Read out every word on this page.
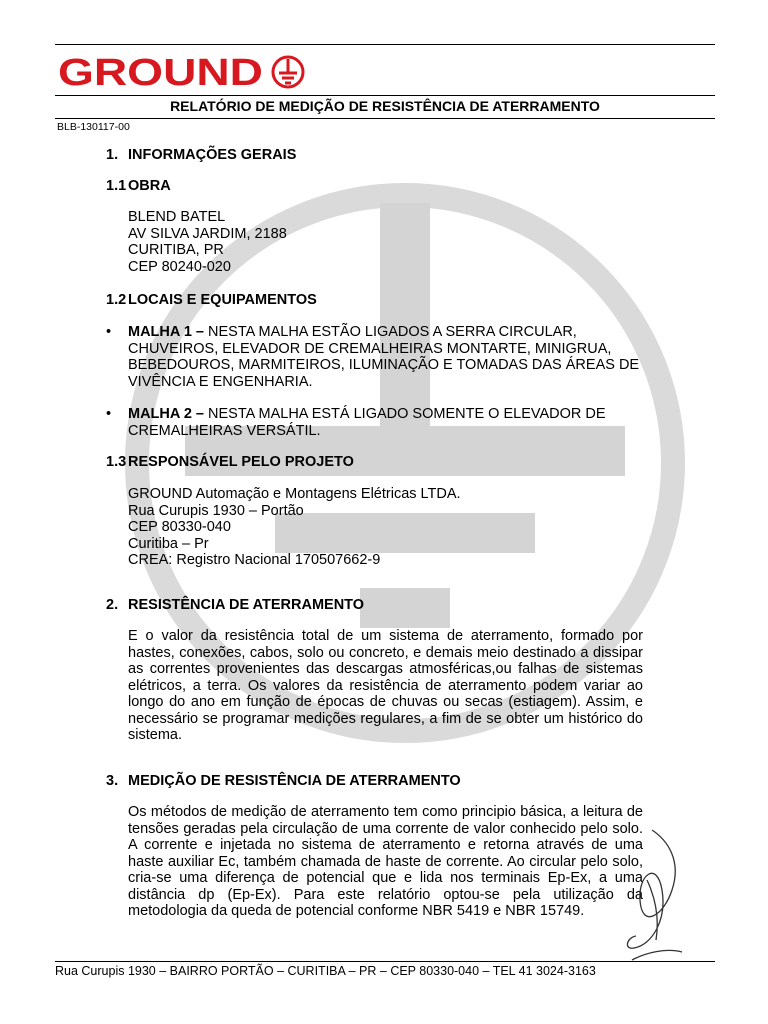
GROUND
RELATÓRIO DE MEDIÇÃO DE RESISTÊNCIA DE ATERRAMENTO
BLB-130117-00
1. INFORMAÇÕES GERAIS
1.1 OBRA
BLEND BATEL
AV SILVA JARDIM, 2188
CURITIBA, PR
CEP 80240-020
1.2 LOCAIS E EQUIPAMENTOS
• MALHA 1 – NESTA MALHA ESTÃO LIGADOS A SERRA CIRCULAR, CHUVEIROS, ELEVADOR DE CREMALHEIRAS MONTARTE, MINIGRUA, BEBEDOUROS, MARMITEIROS, ILUMINAÇÃO E TOMADAS DAS ÁREAS DE VIVÊNCIA E ENGENHARIA.
• MALHA 2 – NESTA MALHA ESTÁ LIGADO SOMENTE O ELEVADOR DE CREMALHEIRAS VERSÁTIL.
1.3 RESPONSÁVEL PELO PROJETO
GROUND Automação e Montagens Elétricas LTDA.
Rua Curupis 1930 – Portão
CEP 80330-040
Curitiba – Pr
CREA: Registro Nacional 170507662-9
2. RESISTÊNCIA DE ATERRAMENTO
E o valor da resistência total de um sistema de aterramento, formado por hastes, conexões, cabos, solo ou concreto, e demais meio destinado a dissipar as correntes provenientes das descargas atmosféricas,ou falhas de sistemas elétricos, a terra. Os valores da resistência de aterramento podem variar ao longo do ano em função de épocas de chuvas ou secas (estiagem). Assim, e necessário se programar medições regulares, a fim de se obter um histórico do sistema.
3. MEDIÇÃO DE RESISTÊNCIA DE ATERRAMENTO
Os métodos de medição de aterramento tem como principio básica, a leitura de tensões geradas pela circulação de uma corrente de valor conhecido pelo solo. A corrente e injetada no sistema de aterramento e retorna através de uma haste auxiliar Ec, também chamada de haste de corrente. Ao circular pelo solo, cria-se uma diferença de potencial que e lida nos terminais Ep-Ex, a uma distância dp (Ep-Ex). Para este relatório optou-se pela utilização da metodologia da queda de potencial conforme NBR 5419 e NBR 15749.
Rua Curupis 1930 – BAIRRO PORTÃO – CURITIBA – PR – CEP 80330-040 – TEL 41 3024-3163
